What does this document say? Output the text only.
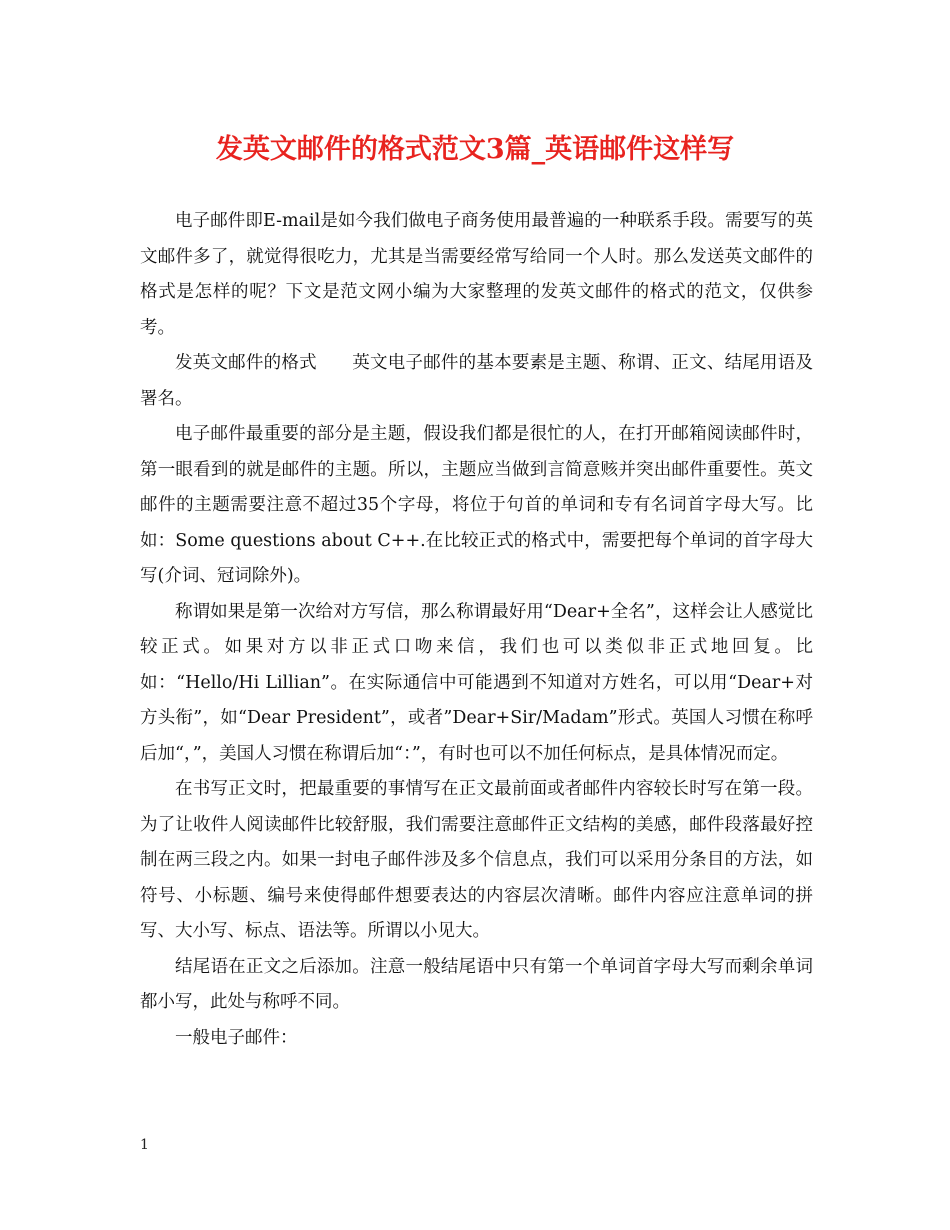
发英文邮件的格式范文3篇_英语邮件这样写

电子邮件即E-mail是如今我们做电子商务使用最普遍的一种联系手段。需要写的英文邮件多了，就觉得很吃力，尤其是当需要经常写给同一个人时。那么发送英文邮件的格式是怎样的呢？下文是范文网小编为大家整理的发英文邮件的格式的范文，仅供参考。

发英文邮件的格式　　英文电子邮件的基本要素是主题、称谓、正文、结尾用语及署名。

电子邮件最重要的部分是主题，假设我们都是很忙的人，在打开邮箱阅读邮件时，第一眼看到的就是邮件的主题。所以，主题应当做到言简意赅并突出邮件重要性。英文邮件的主题需要注意不超过35个字母，将位于句首的单词和专有名词首字母大写。比如：Some questions about C++.在比较正式的格式中，需要把每个单词的首字母大写(介词、冠词除外)。

称谓如果是第一次给对方写信，那么称谓最好用“Dear+全名”，这样会让人感觉比较正式。如果对方以非正式口吻来信，我们也可以类似非正式地回复。比如：“Hello/Hi Lillian”。在实际通信中可能遇到不知道对方姓名，可以用“Dear+对方头衔”，如“Dear President”，或者”Dear+Sir/Madam”形式。英国人习惯在称呼后加“，”，美国人习惯在称谓后加“：”，有时也可以不加任何标点，是具体情况而定。

在书写正文时，把最重要的事情写在正文最前面或者邮件内容较长时写在第一段。为了让收件人阅读邮件比较舒服，我们需要注意邮件正文结构的美感，邮件段落最好控制在两三段之内。如果一封电子邮件涉及多个信息点，我们可以采用分条目的方法，如符号、小标题、编号来使得邮件想要表达的内容层次清晰。邮件内容应注意单词的拼写、大小写、标点、语法等。所谓以小见大。

结尾语在正文之后添加。注意一般结尾语中只有第一个单词首字母大写而剩余单词都小写，此处与称呼不同。

一般电子邮件：

1
